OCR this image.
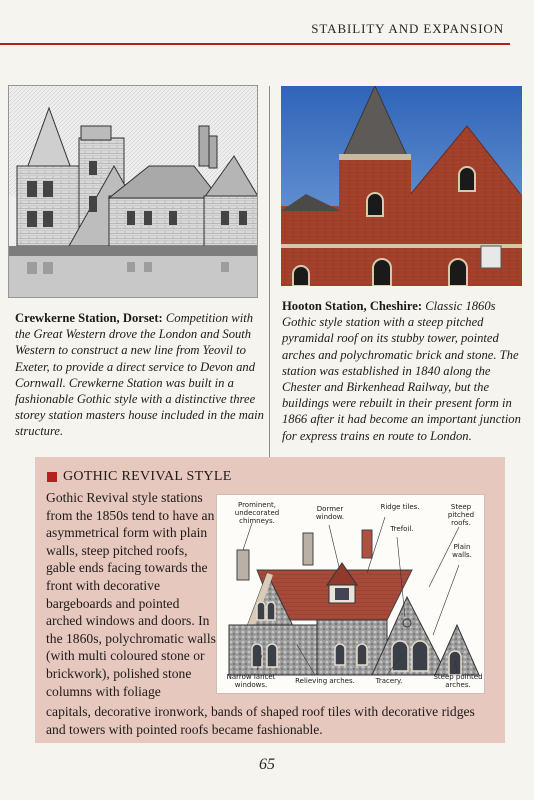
STABILITY AND EXPANSION
Crewkerne Station, Dorset: Competition with the Great Western drove the London and South Western to construct a new line from Yeovil to Exeter, to provide a direct service to Devon and Cornwall. Crewkerne Station was built in a fashionable Gothic style with a distinctive three storey station masters house included in the main structure.
Hooton Station, Cheshire: Classic 1860s Gothic style station with a steep pitched pyramidal roof on its stubby tower, pointed arches and polychromatic brick and stone. The station was established in 1840 along the Chester and Birkenhead Railway, but the buildings were rebuilt in their present form in 1866 after it had become an important junction for express trains en route to London.
GOTHIC REVIVAL STYLE
Gothic Revival style stations from the 1850s tend to have an asymmetrical form with plain walls, steep pitched roofs, gable ends facing towards the front with decorative bargeboards and pointed arched windows and doors. In the 1860s, polychromatic walls (with multi coloured stone or brickwork), polished stone columns with foliage
Prominent, undecorated chimneys.
Dormer window.
Ridge tiles.
Trefoil.
Steep pitched roofs.
Plain walls.
Narrow lancet windows.	Relieving arches.	Tracery.	Steep pointed arches.
capitals, decorative ironwork, bands of shaped roof tiles with decorative ridges and towers with pointed roofs became fashionable.
65
